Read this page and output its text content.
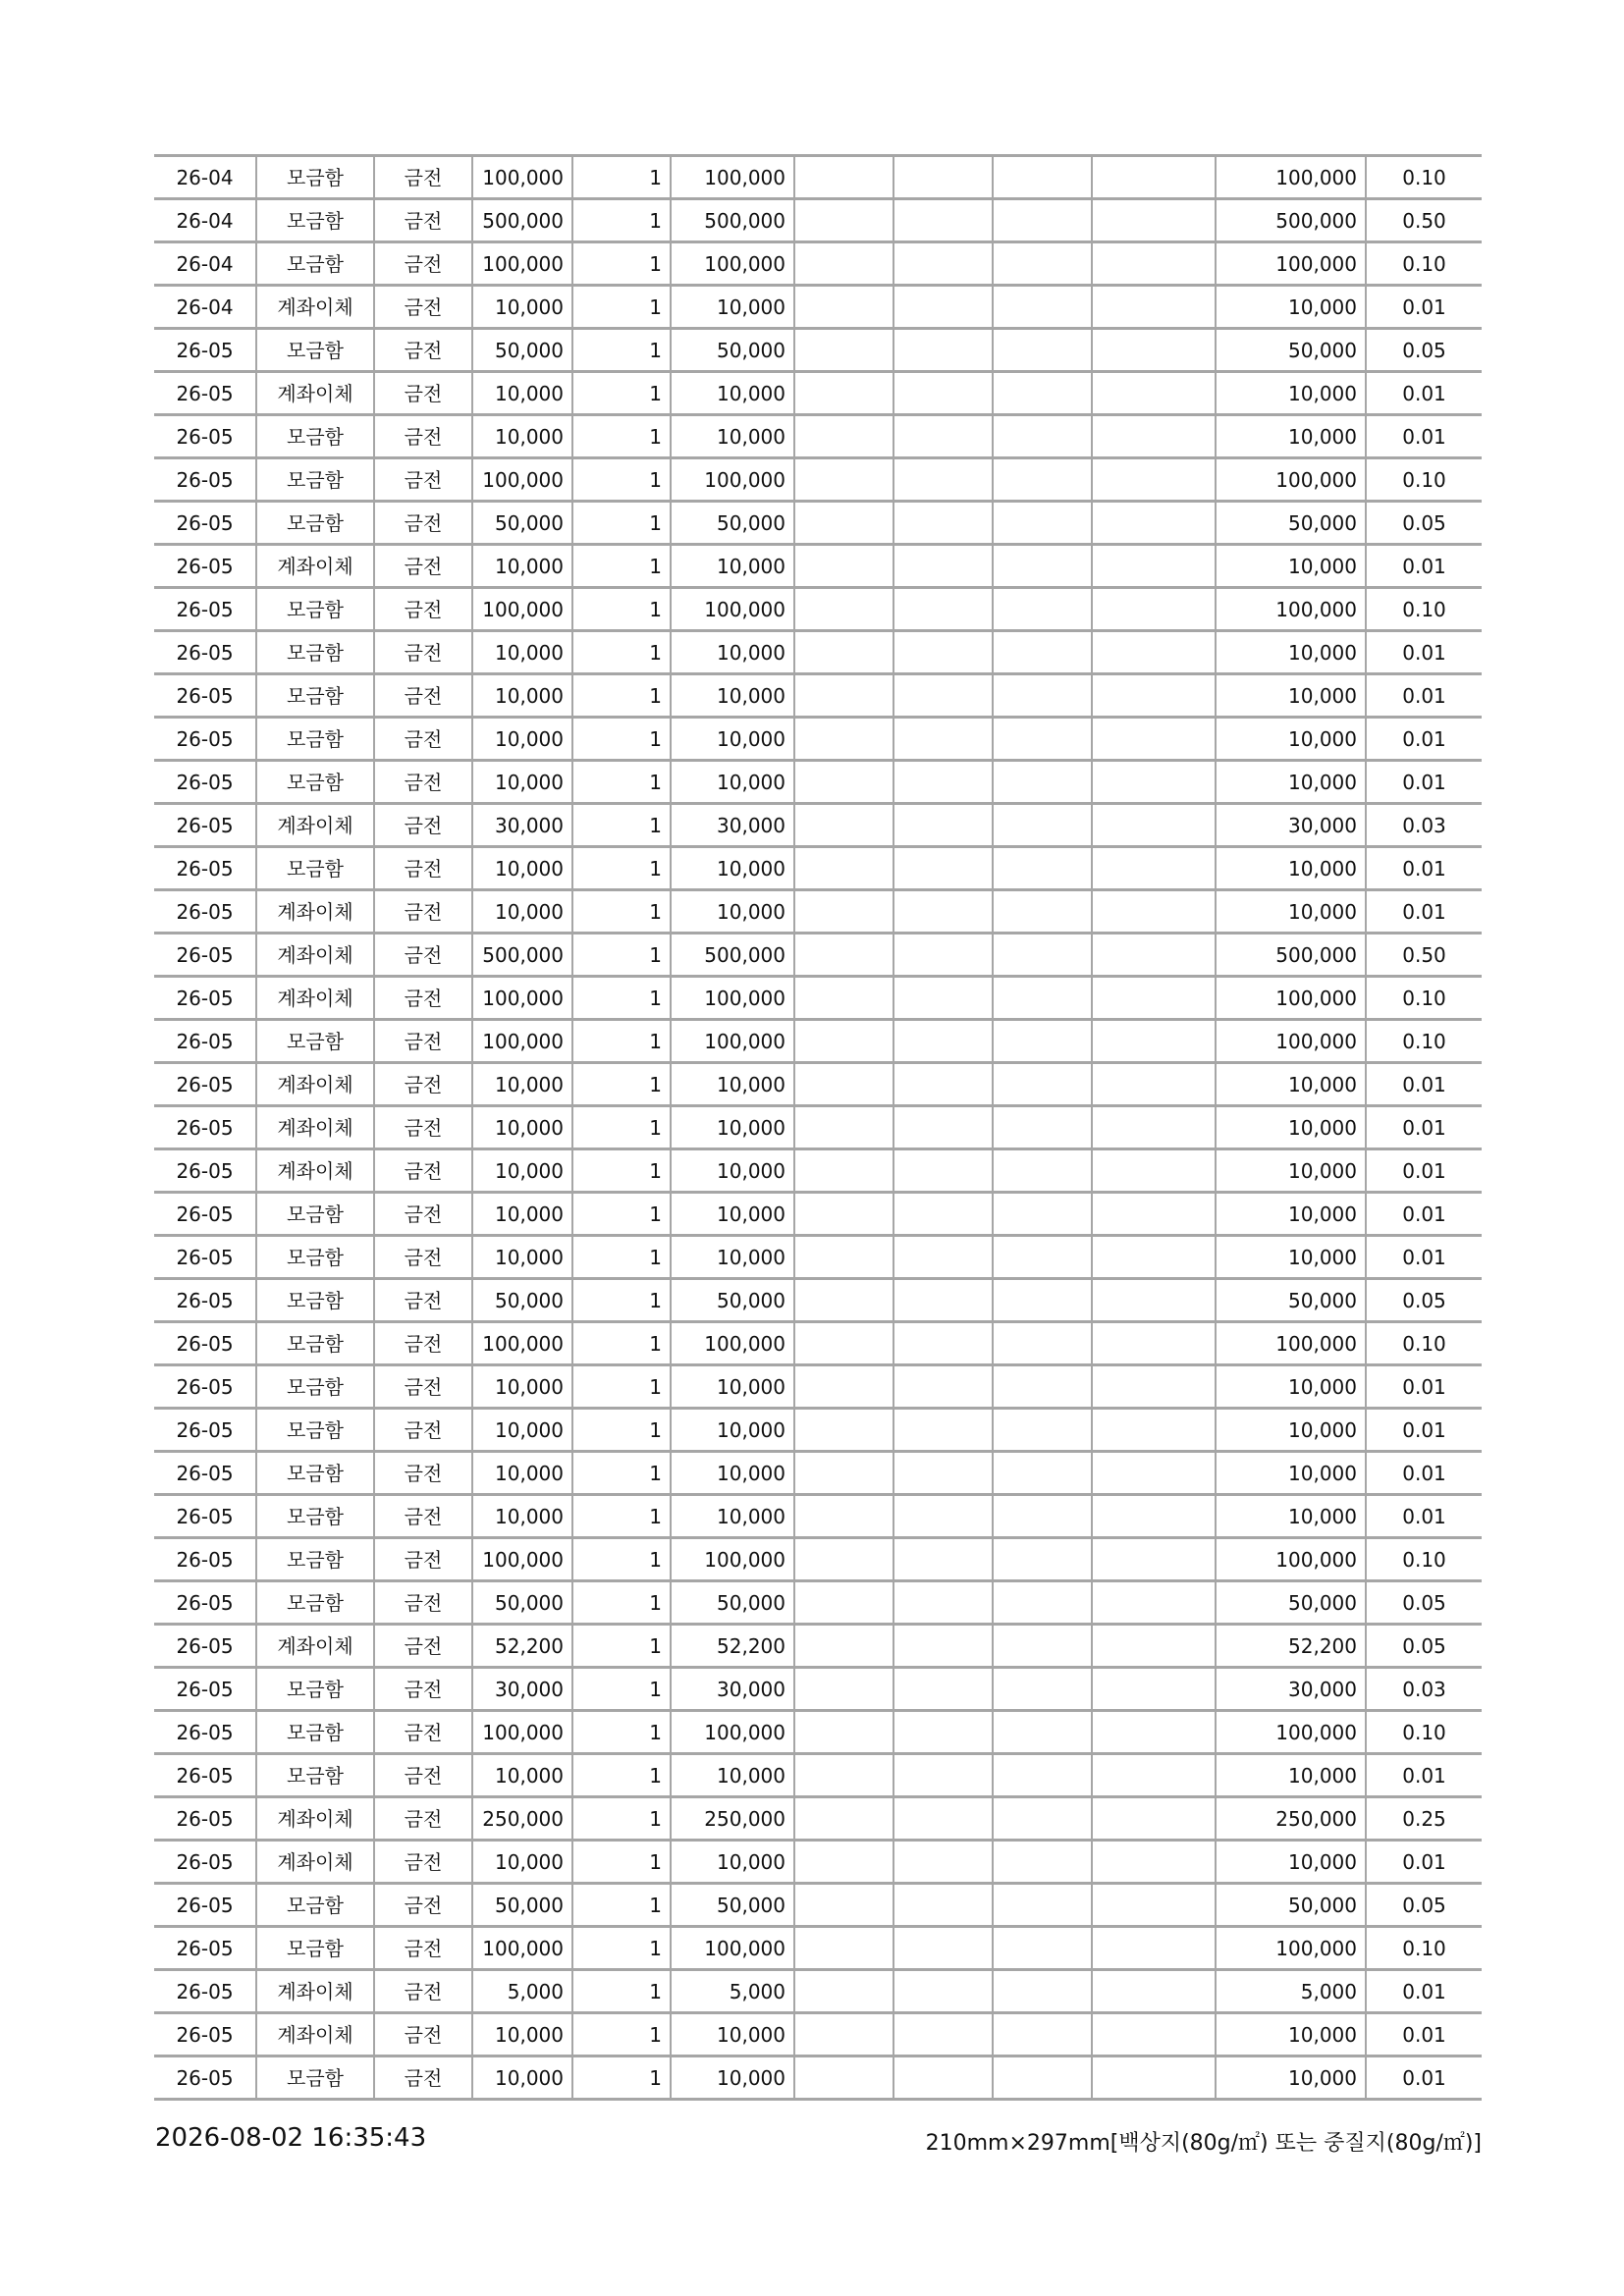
26-04	모금함	금전	100,000	1	100,000					100,000	0.10
26-04	모금함	금전	500,000	1	500,000					500,000	0.50
26-04	모금함	금전	100,000	1	100,000					100,000	0.10
26-04	계좌이체	금전	10,000	1	10,000					10,000	0.01
26-05	모금함	금전	50,000	1	50,000					50,000	0.05
26-05	계좌이체	금전	10,000	1	10,000					10,000	0.01
26-05	모금함	금전	10,000	1	10,000					10,000	0.01
26-05	모금함	금전	100,000	1	100,000					100,000	0.10
26-05	모금함	금전	50,000	1	50,000					50,000	0.05
26-05	계좌이체	금전	10,000	1	10,000					10,000	0.01
26-05	모금함	금전	100,000	1	100,000					100,000	0.10
26-05	모금함	금전	10,000	1	10,000					10,000	0.01
26-05	모금함	금전	10,000	1	10,000					10,000	0.01
26-05	모금함	금전	10,000	1	10,000					10,000	0.01
26-05	모금함	금전	10,000	1	10,000					10,000	0.01
26-05	계좌이체	금전	30,000	1	30,000					30,000	0.03
26-05	모금함	금전	10,000	1	10,000					10,000	0.01
26-05	계좌이체	금전	10,000	1	10,000					10,000	0.01
26-05	계좌이체	금전	500,000	1	500,000					500,000	0.50
26-05	계좌이체	금전	100,000	1	100,000					100,000	0.10
26-05	모금함	금전	100,000	1	100,000					100,000	0.10
26-05	계좌이체	금전	10,000	1	10,000					10,000	0.01
26-05	계좌이체	금전	10,000	1	10,000					10,000	0.01
26-05	계좌이체	금전	10,000	1	10,000					10,000	0.01
26-05	모금함	금전	10,000	1	10,000					10,000	0.01
26-05	모금함	금전	10,000	1	10,000					10,000	0.01
26-05	모금함	금전	50,000	1	50,000					50,000	0.05
26-05	모금함	금전	100,000	1	100,000					100,000	0.10
26-05	모금함	금전	10,000	1	10,000					10,000	0.01
26-05	모금함	금전	10,000	1	10,000					10,000	0.01
26-05	모금함	금전	10,000	1	10,000					10,000	0.01
26-05	모금함	금전	10,000	1	10,000					10,000	0.01
26-05	모금함	금전	100,000	1	100,000					100,000	0.10
26-05	모금함	금전	50,000	1	50,000					50,000	0.05
26-05	계좌이체	금전	52,200	1	52,200					52,200	0.05
26-05	모금함	금전	30,000	1	30,000					30,000	0.03
26-05	모금함	금전	100,000	1	100,000					100,000	0.10
26-05	모금함	금전	10,000	1	10,000					10,000	0.01
26-05	계좌이체	금전	250,000	1	250,000					250,000	0.25
26-05	계좌이체	금전	10,000	1	10,000					10,000	0.01
26-05	모금함	금전	50,000	1	50,000					50,000	0.05
26-05	모금함	금전	100,000	1	100,000					100,000	0.10
26-05	계좌이체	금전	5,000	1	5,000					5,000	0.01
26-05	계좌이체	금전	10,000	1	10,000					10,000	0.01
26-05	모금함	금전	10,000	1	10,000					10,000	0.01
2026-08-02 16:35:43	210mm×297mm[백상지(80g/㎡) 또는 중질지(80g/㎡)]
